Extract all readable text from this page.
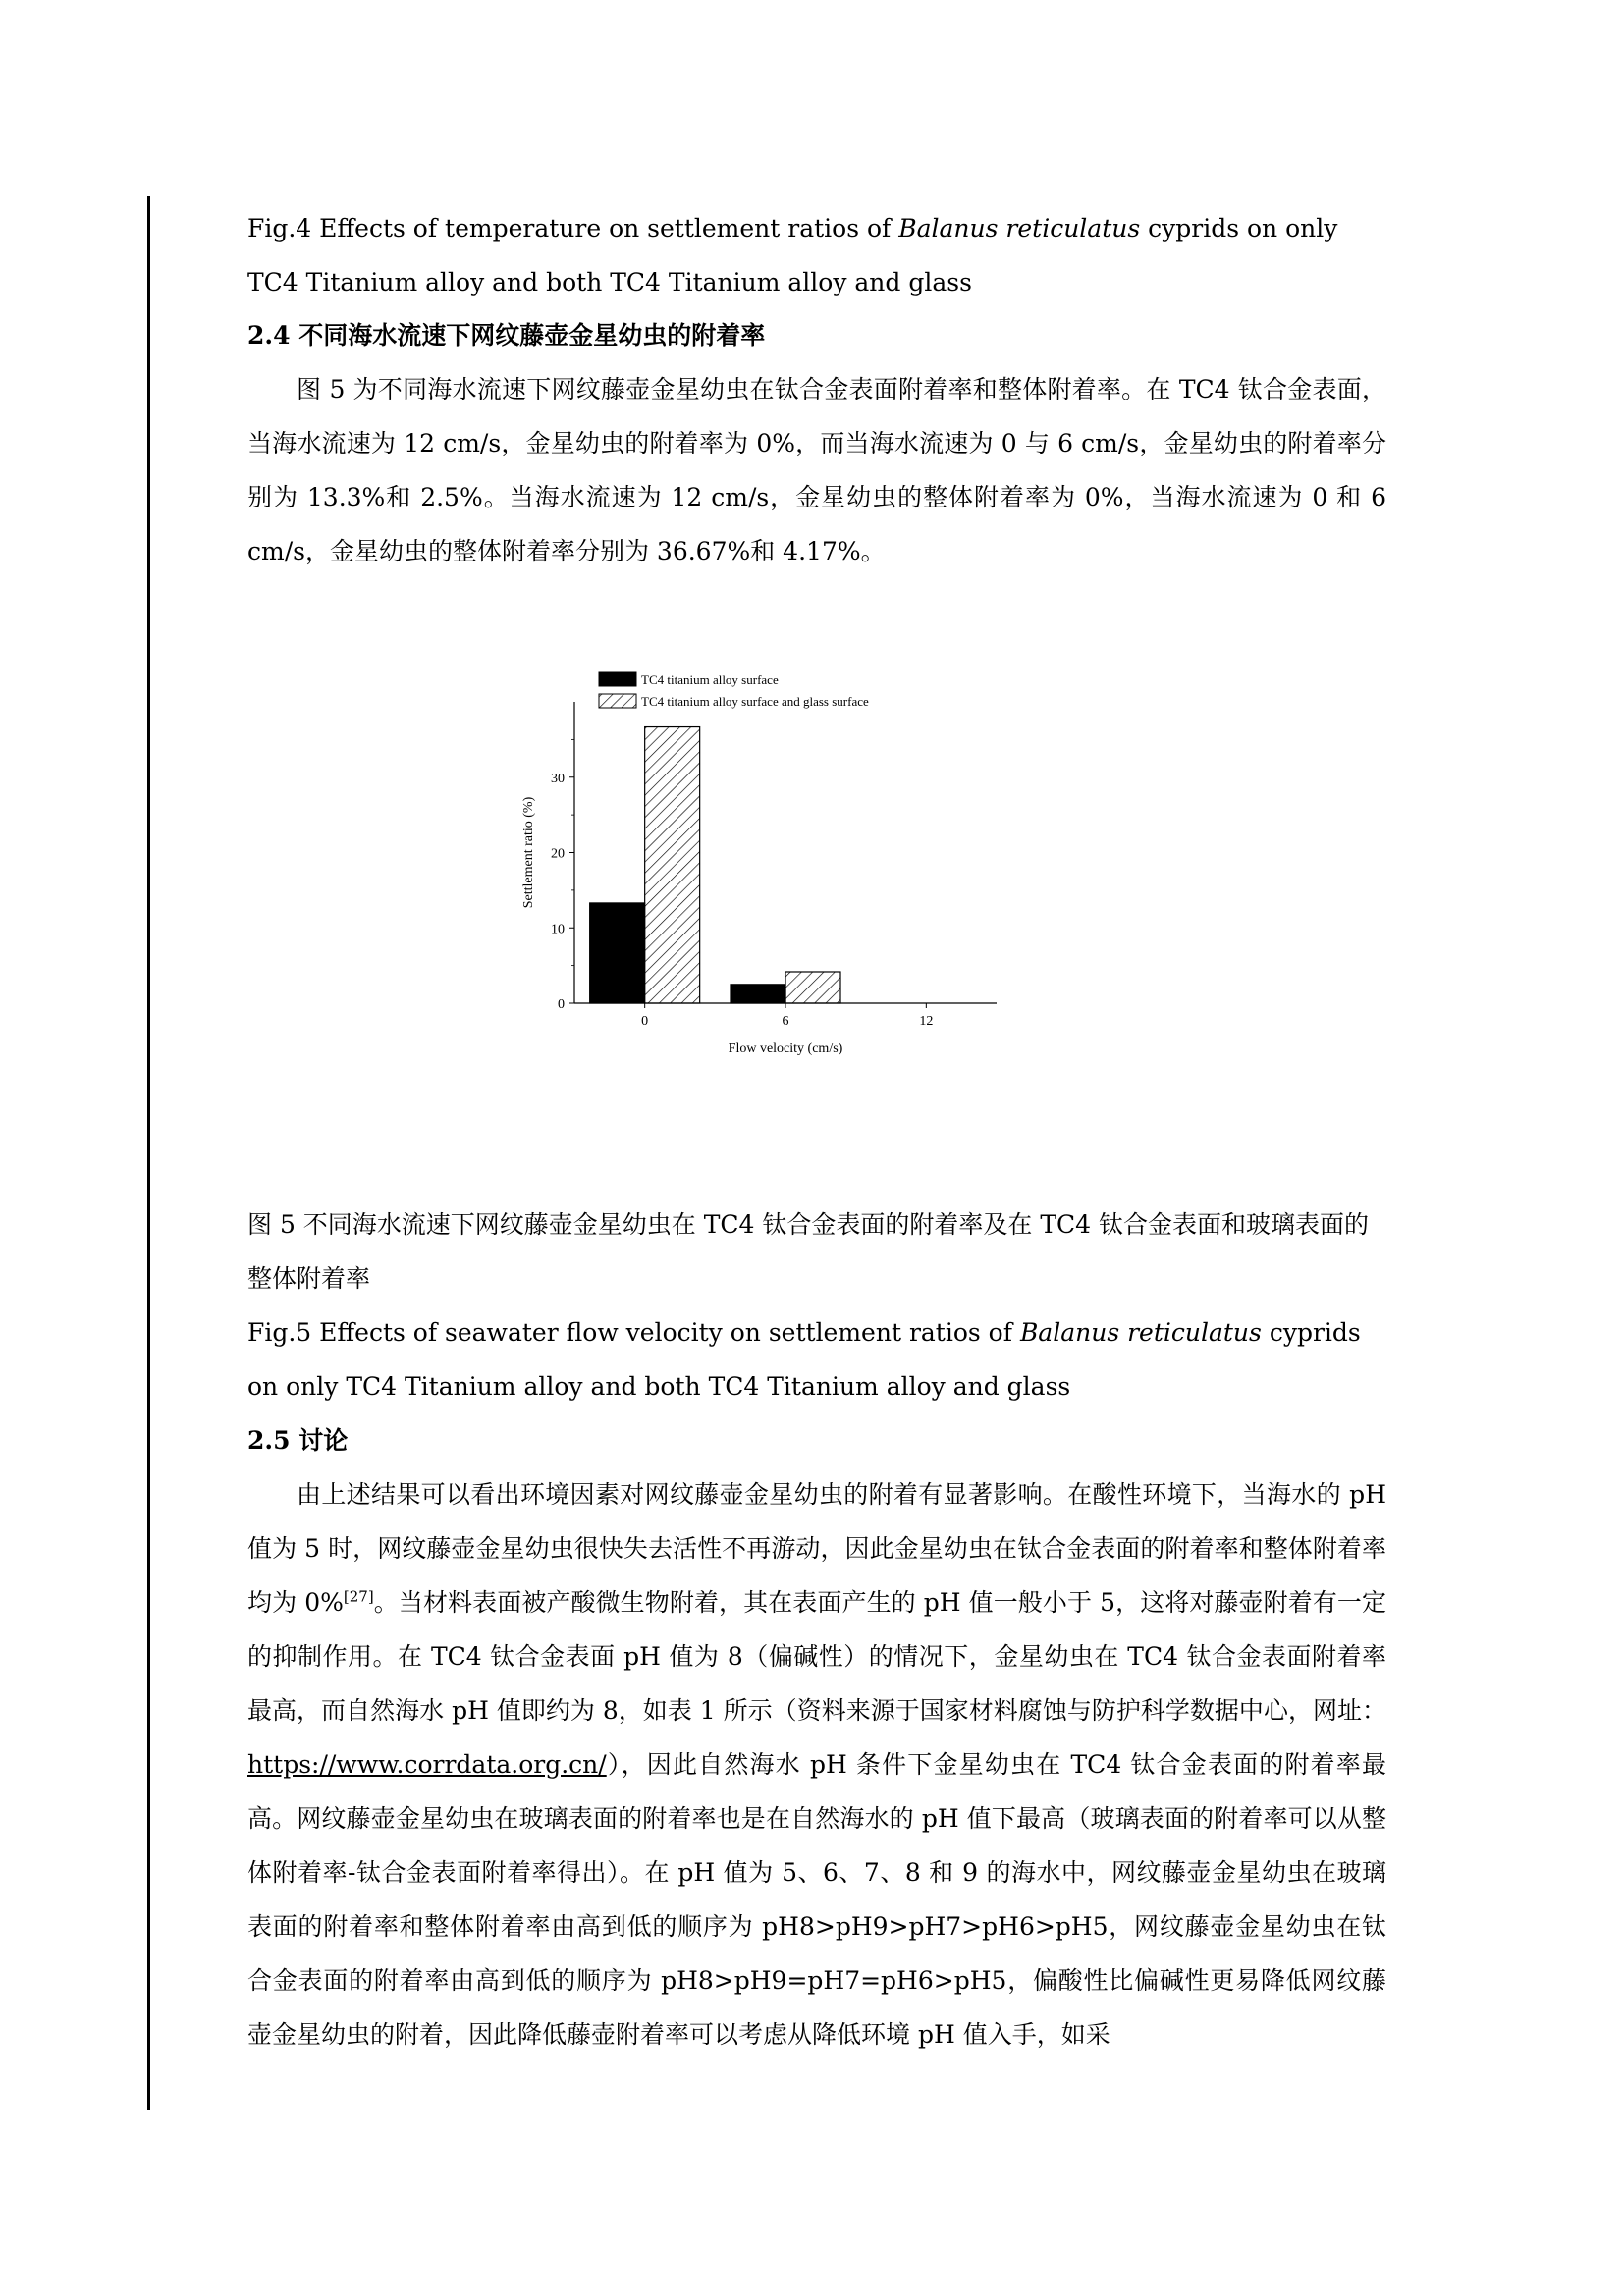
Fig.4 Effects of temperature on settlement ratios of Balanus reticulatus cyprids on only TC4 Titanium alloy and both TC4 Titanium alloy and glass
2.4 不同海水流速下网纹藤壶金星幼虫的附着率
图 5 为不同海水流速下网纹藤壶金星幼虫在钛合金表面附着率和整体附着率。在 TC4 钛合金表面，当海水流速为 12 cm/s，金星幼虫的附着率为 0%，而当海水流速为 0 与 6 cm/s，金星幼虫的附着率分别为 13.3%和 2.5%。当海水流速为 12 cm/s，金星幼虫的整体附着率为 0%，当海水流速为 0 和 6 cm/s，金星幼虫的整体附着率分别为 36.67%和 4.17%。
0
10
20
30
0	6	12
Flow velocity (cm/s)
Settlement ratio (%)
TC4 titanium alloy surface
TC4 titanium alloy surface and glass surface
图 5 不同海水流速下网纹藤壶金星幼虫在 TC4 钛合金表面的附着率及在 TC4 钛合金表面和玻璃表面的整体附着率
Fig.5 Effects of seawater flow velocity on settlement ratios of Balanus reticulatus cyprids on only TC4 Titanium alloy and both TC4 Titanium alloy and glass
2.5 讨论
由上述结果可以看出环境因素对网纹藤壶金星幼虫的附着有显著影响。在酸性环境下，当海水的 pH 值为 5 时，网纹藤壶金星幼虫很快失去活性不再游动，因此金星幼虫在钛合金表面的附着率和整体附着率均为 0%[27]。当材料表面被产酸微生物附着，其在表面产生的 pH 值一般小于 5，这将对藤壶附着有一定的抑制作用。在 TC4 钛合金表面 pH 值为 8（偏碱性）的情况下，金星幼虫在 TC4 钛合金表面附着率最高，而自然海水 pH 值即约为 8，如表 1 所示（资料来源于国家材料腐蚀与防护科学数据中心，网址：https://www.corrdata.org.cn/），因此自然海水 pH 条件下金星幼虫在 TC4 钛合金表面的附着率最高。网纹藤壶金星幼虫在玻璃表面的附着率也是在自然海水的 pH 值下最高（玻璃表面的附着率可以从整体附着率-钛合金表面附着率得出）。在 pH 值为 5、6、7、8 和 9 的海水中，网纹藤壶金星幼虫在玻璃表面的附着率和整体附着率由高到低的顺序为 pH8>pH9>pH7>pH6>pH5，网纹藤壶金星幼虫在钛合金表面的附着率由高到低的顺序为 pH8>pH9=pH7=pH6>pH5，偏酸性比偏碱性更易降低网纹藤壶金星幼虫的附着，因此降低藤壶附着率可以考虑从降低环境 pH 值入手，如采
